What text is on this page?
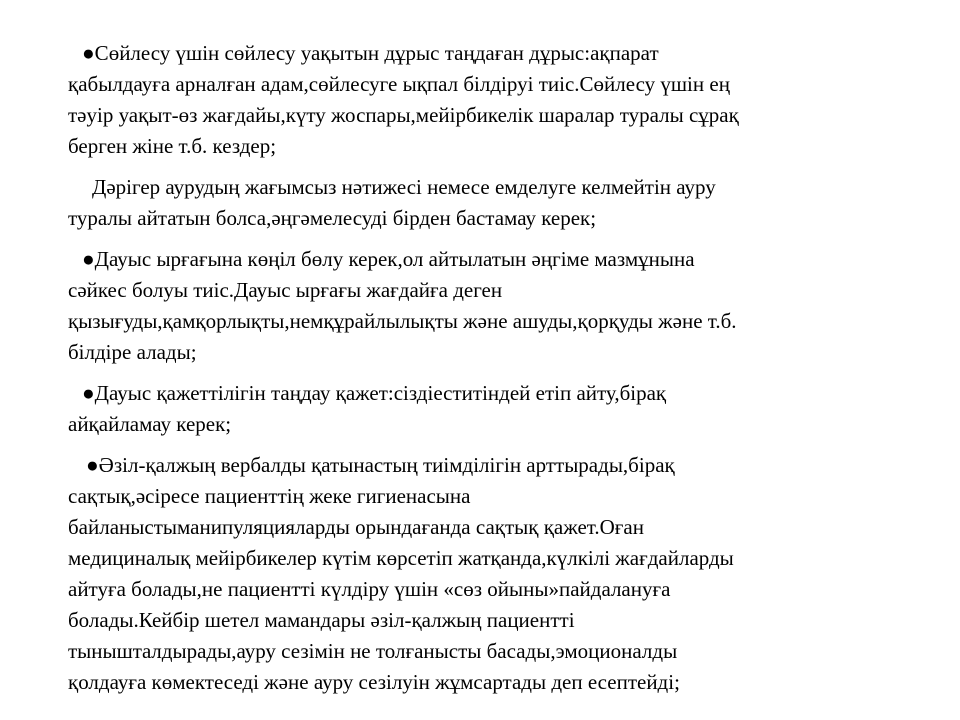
●Сөйлесу үшін сөйлесу уақытын дұрыс таңдаған дұрыс:ақпарат
қабылдауға арналған адам,сөйлесуге ықпал білдіруі тиіс.Сөйлесу үшін ең
тәуір уақыт-өз жағдайы,күту жоспары,мейірбикелік шаралар туралы сұрақ
берген жіне т.б. кездер;
Дәрігер аурудың жағымсыз нәтижесі немесе емделуге келмейтін ауру
туралы айтатын болса,әңгәмелесуді бірден бастамау керек;
●Дауыс ырғағына көңіл бөлу керек,ол айтылатын әңгіме мазмұнына
сәйкес болуы тиіс.Дауыс ырғағы жағдайға деген
қызығуды,қамқорлықты,немқұрайлылықты және ашуды,қорқуды және т.б.
білдіре алады;
●Дауыс қажеттілігін таңдау қажет:сіздіеститіндей етіп айту,бірақ
айқайламау керек;
●Әзіл-қалжың вербалды қатынастың тиімділігін арттырады,бірақ
сақтық,әсіресе пациенттің жеке гигиенасына
байланыстыманипуляцияларды орындағанда сақтық қажет.Оған
медициналық мейірбикелер күтім көрсетіп жатқанда,күлкілі жағдайларды
айтуға болады,не пациентті күлдіру үшін «сөз ойыны»пайдалануға
болады.Кейбір шетел мамандары әзіл-қалжың пациентті
тыныштaлдырады,ауру сезімін не толғанысты басады,эмоционалды
қолдауға көмектеседі және ауру сезілуін жұмсартады деп есептейді;
